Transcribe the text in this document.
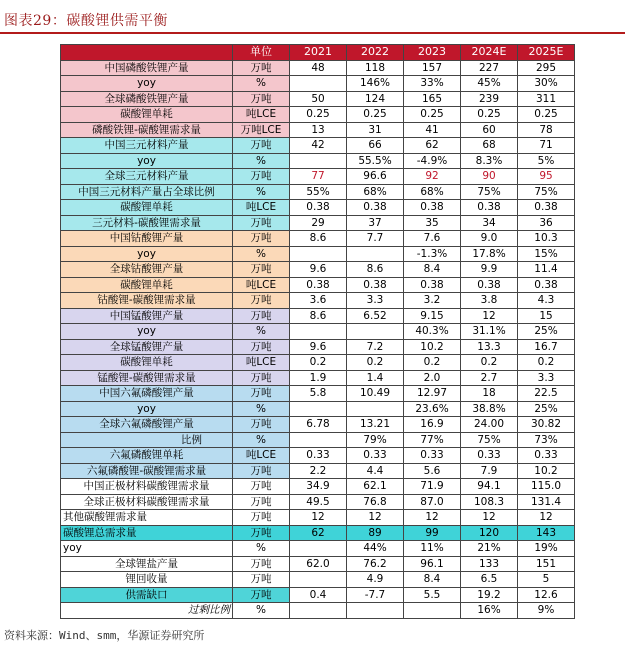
图表29：碳酸锂供需平衡
	单位	2021	2022	2023	2024E	2025E
中国磷酸铁锂产量	万吨	48	118	157	227	295
yoy	%		146%	33%	45%	30%
全球磷酸铁锂产量	万吨	50	124	165	239	311
碳酸锂单耗	吨LCE	0.25	0.25	0.25	0.25	0.25
磷酸铁锂-碳酸锂需求量	万吨LCE	13	31	41	60	78
中国三元材料产量	万吨	42	66	62	68	71
yoy	%		55.5%	-4.9%	8.3%	5%
全球三元材料产量	万吨	77	96.6	92	90	95
中国三元材料产量占全球比例	%	55%	68%	68%	75%	75%
碳酸锂单耗	吨LCE	0.38	0.38	0.38	0.38	0.38
三元材料-碳酸锂需求量	万吨	29	37	35	34	36
中国钴酸锂产量	万吨	8.6	7.7	7.6	9.0	10.3
yoy	%			-1.3%	17.8%	15%
全球钴酸锂产量	万吨	9.6	8.6	8.4	9.9	11.4
碳酸锂单耗	吨LCE	0.38	0.38	0.38	0.38	0.38
钴酸锂-碳酸锂需求量	万吨	3.6	3.3	3.2	3.8	4.3
中国锰酸锂产量	万吨	8.6	6.52	9.15	12	15
yoy	%			40.3%	31.1%	25%
全球锰酸锂产量	万吨	9.6	7.2	10.2	13.3	16.7
碳酸锂单耗	吨LCE	0.2	0.2	0.2	0.2	0.2
锰酸锂-碳酸锂需求量	万吨	1.9	1.4	2.0	2.7	3.3
中国六氟磷酸锂产量	万吨	5.8	10.49	12.97	18	22.5
yoy	%			23.6%	38.8%	25%
全球六氟磷酸锂产量	万吨	6.78	13.21	16.9	24.00	30.82
比例	%		79%	77%	75%	73%
六氟磷酸锂单耗	吨LCE	0.33	0.33	0.33	0.33	0.33
六氟磷酸锂-碳酸锂需求量	万吨	2.2	4.4	5.6	7.9	10.2
中国正极材料碳酸锂需求量	万吨	34.9	62.1	71.9	94.1	115.0
全球正极材料碳酸锂需求量	万吨	49.5	76.8	87.0	108.3	131.4
其他碳酸锂需求量	万吨	12	12	12	12	12
碳酸锂总需求量	万吨	62	89	99	120	143
yoy	%		44%	11%	21%	19%
全球锂盐产量	万吨	62.0	76.2	96.1	133	151
锂回收量	万吨		4.9	8.4	6.5	5
供需缺口	万吨	0.4	-7.7	5.5	19.2	12.6
过剩比例	%				16%	9%
资料来源：Wind、smm，华源证券研究所
